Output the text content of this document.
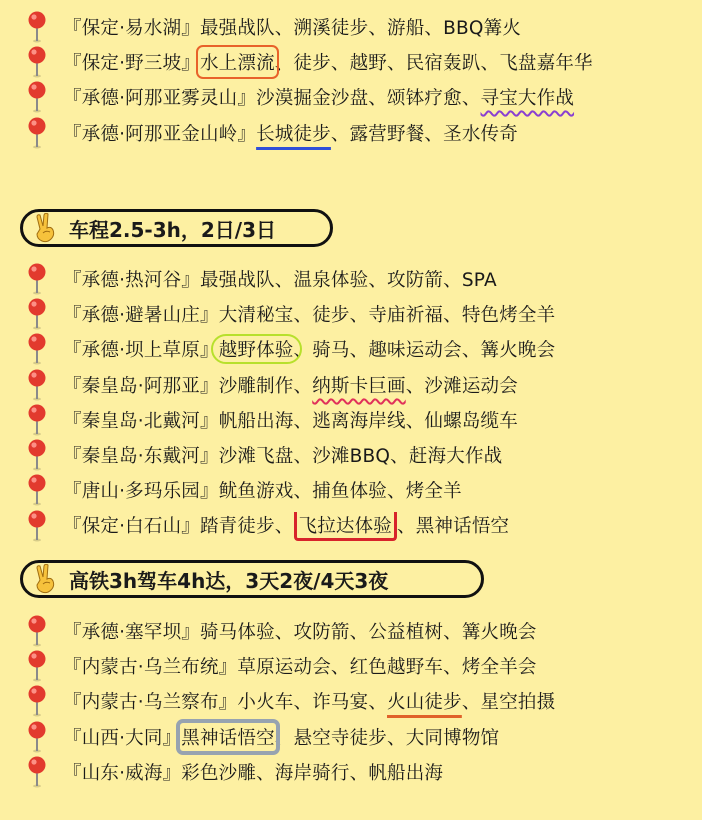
『保定·易水湖』最强战队、溯溪徒步、游船、BBQ篝火
『保定·野三坡』水上漂流、徒步、越野、民宿轰趴、飞盘嘉年华
『承德·阿那亚雾灵山』沙漠掘金沙盘、颂钵疗愈、寻宝大作战
『承德·阿那亚金山岭』长城徒步、露营野餐、圣水传奇
车程2.5-3h，2日/3日
『承德·热河谷』最强战队、温泉体验、攻防箭、SPA
『承德·避暑山庄』大清秘宝、徒步、寺庙祈福、特色烤全羊
『承德·坝上草原』越野体验、骑马、趣味运动会、篝火晚会
『秦皇岛·阿那亚』沙雕制作、纳斯卡巨画、沙滩运动会
『秦皇岛·北戴河』帆船出海、逃离海岸线、仙螺岛缆车
『秦皇岛·东戴河』沙滩飞盘、沙滩BBQ、赶海大作战
『唐山·多玛乐园』鱿鱼游戏、捕鱼体验、烤全羊
『保定·白石山』踏青徒步、 飞拉达体验 、黑神话悟空
高铁3h驾车4h达，3天2夜/4天3夜
『承德·塞罕坝』骑马体验、攻防箭、公益植树、篝火晚会
『内蒙古·乌兰布统』草原运动会、红色越野车、烤全羊会
『内蒙古·乌兰察布』小火车、诈马宴、火山徒步、星空拍摄
『山西·大同』黑神话悟空、悬空寺徒步、大同博物馆
『山东·威海』彩色沙雕、海岸骑行、帆船出海
